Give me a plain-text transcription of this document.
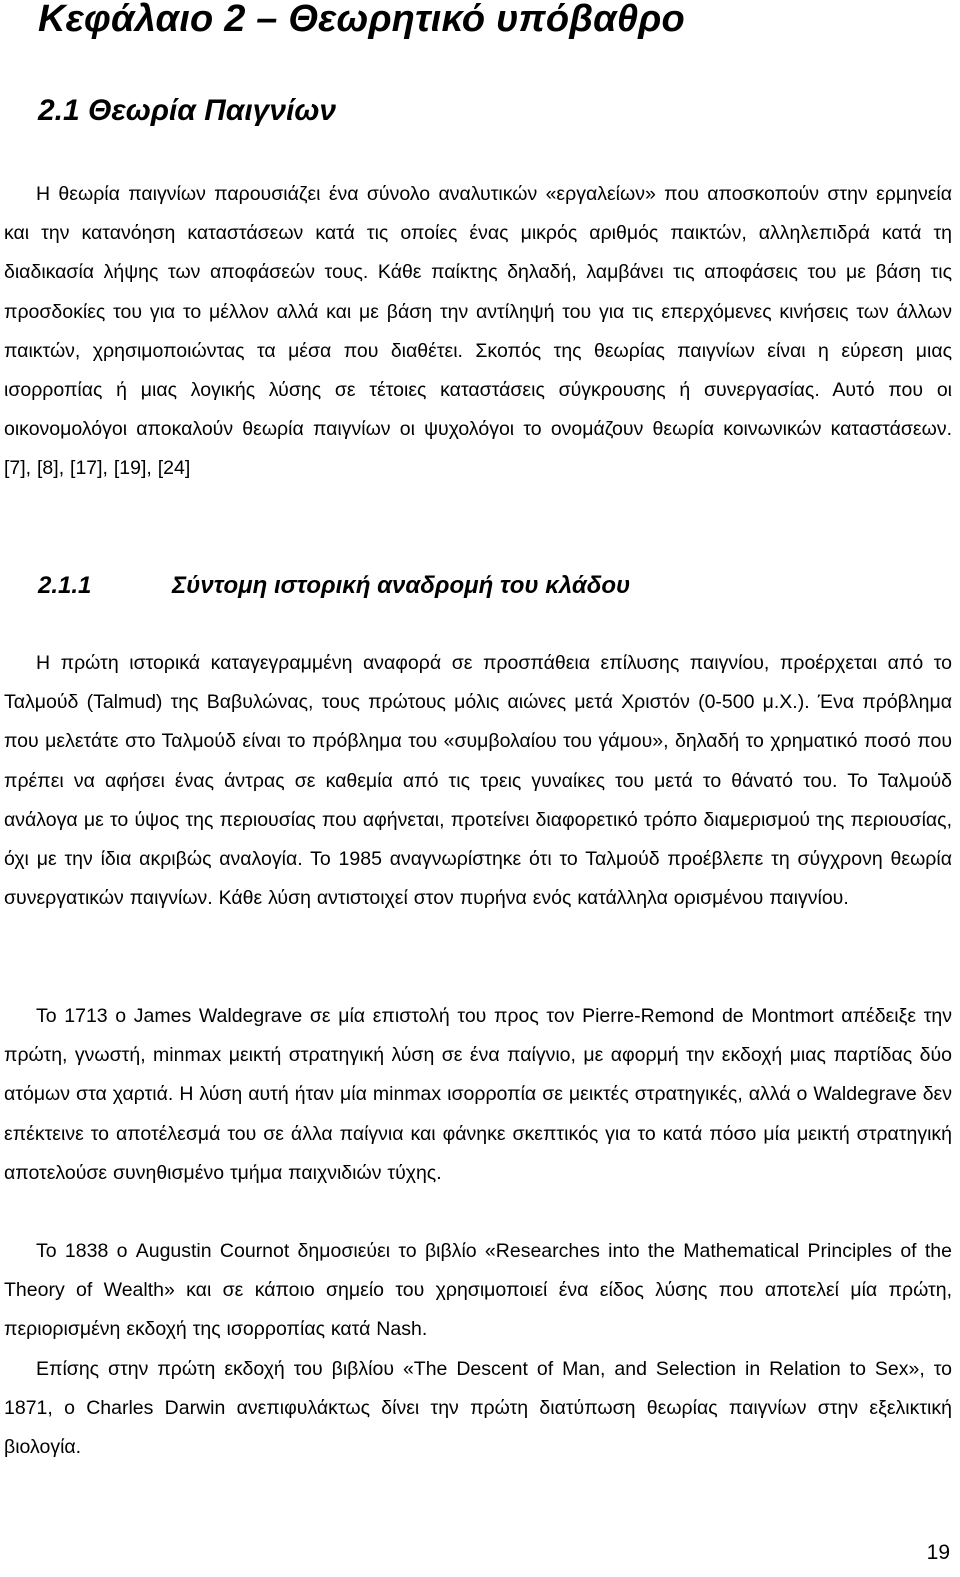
Κεφάλαιο 2 – Θεωρητικό υπόβαθρο
2.1 Θεωρία Παιγνίων

Η θεωρία παιγνίων παρουσιάζει ένα σύνολο αναλυτικών «εργαλείων» που αποσκοπούν στην ερμηνεία και την κατανόηση καταστάσεων κατά τις οποίες ένας μικρός αριθμός παικτών, αλληλεπιδρά κατά τη διαδικασία λήψης των αποφάσεών τους. Κάθε παίκτης δηλαδή, λαμβάνει τις αποφάσεις του με βάση τις προσδοκίες του για το μέλλον αλλά και με βάση την αντίληψή του για τις επερχόμενες κινήσεις των άλλων παικτών, χρησιμοποιώντας τα μέσα που διαθέτει. Σκοπός της θεωρίας παιγνίων είναι η εύρεση μιας ισορροπίας ή μιας λογικής λύσης σε τέτοιες καταστάσεις σύγκρουσης ή συνεργασίας. Αυτό που οι οικονομολόγοι αποκαλούν θεωρία παιγνίων οι ψυχολόγοι το ονομάζουν θεωρία κοινωνικών καταστάσεων. [7], [8], [17], [19], [24]

2.1.1	Σύντομη ιστορική αναδρομή του κλάδου

Η πρώτη ιστορικά καταγεγραμμένη αναφορά σε προσπάθεια επίλυσης παιγνίου, προέρχεται από το Ταλμούδ (Talmud) της Βαβυλώνας, τους πρώτους μόλις αιώνες μετά Χριστόν (0-500 μ.Χ.). Ένα πρόβλημα που μελετάτε στο Ταλμούδ είναι το πρόβλημα του «συμβολαίου του γάμου», δηλαδή το χρηματικό ποσό που πρέπει να αφήσει ένας άντρας σε καθεμία από τις τρεις γυναίκες του μετά το θάνατό του. Το Ταλμούδ ανάλογα με το ύψος της περιουσίας που αφήνεται, προτείνει διαφορετικό τρόπο διαμερισμού της περιουσίας, όχι με την ίδια ακριβώς αναλογία. Το 1985 αναγνωρίστηκε ότι το Ταλμούδ προέβλεπε τη σύγχρονη θεωρία συνεργατικών παιγνίων. Κάθε λύση αντιστοιχεί στον πυρήνα ενός κατάλληλα ορισμένου παιγνίου.

Το 1713 ο James Waldegrave σε μία επιστολή του προς τον Pierre-Remond de Montmort απέδειξε την πρώτη, γνωστή, minmax μεικτή στρατηγική λύση σε ένα παίγνιο, με αφορμή την εκδοχή μιας παρτίδας δύο ατόμων στα χαρτιά. Η λύση αυτή ήταν μία minmax ισορροπία σε μεικτές στρατηγικές, αλλά ο Waldegrave δεν επέκτεινε το αποτέλεσμά του σε άλλα παίγνια και φάνηκε σκεπτικός για το κατά πόσο μία μεικτή στρατηγική αποτελούσε συνηθισμένο τμήμα παιχνιδιών τύχης.

Το 1838 ο Augustin Cournot δημοσιεύει το βιβλίο «Researches into the Mathematical Principles of the Theory of Wealth» και σε κάποιο σημείο του χρησιμοποιεί ένα είδος λύσης που αποτελεί μία πρώτη, περιορισμένη εκδοχή της ισορροπίας κατά Nash.

Επίσης στην πρώτη εκδοχή του βιβλίου «The Descent of Man, and Selection in Relation to Sex», το 1871, ο Charles Darwin ανεπιφυλάκτως δίνει την πρώτη διατύπωση θεωρίας παιγνίων στην εξελικτική βιολογία.

19
